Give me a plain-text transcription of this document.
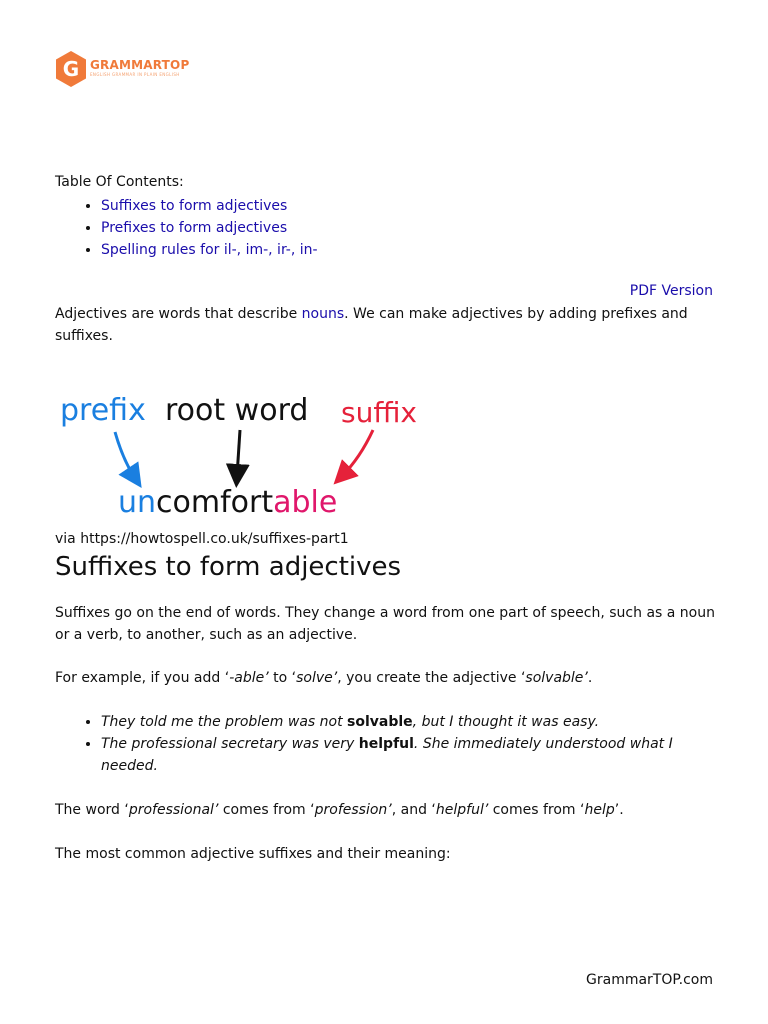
G GRAMMARTOP
ENGLISH GRAMMAR IN PLAIN ENGLISH
Table Of Contents:
• Suffixes to form adjectives
• Prefixes to form adjectives
• Spelling rules for il-, im-, ir-, in-
PDF Version

Adjectives are words that describe nouns. We can make adjectives by adding prefixes and suffixes.

prefix root word suffix
uncomfortable

via https://howtospell.co.uk/suffixes-part1

Suffixes to form adjectives

Suffixes go on the end of words. They change a word from one part of speech, such as a noun or a verb, to another, such as an adjective.

For example, if you add ‘-able’ to ‘solve’, you create the adjective ‘solvable’.

• They told me the problem was not solvable, but I thought it was easy.
• The professional secretary was very helpful. She immediately understood what I needed.

The word ‘professional’ comes from ‘profession’, and ‘helpful’ comes from ‘help’.

The most common adjective suffixes and their meaning:

GrammarTOP.com
